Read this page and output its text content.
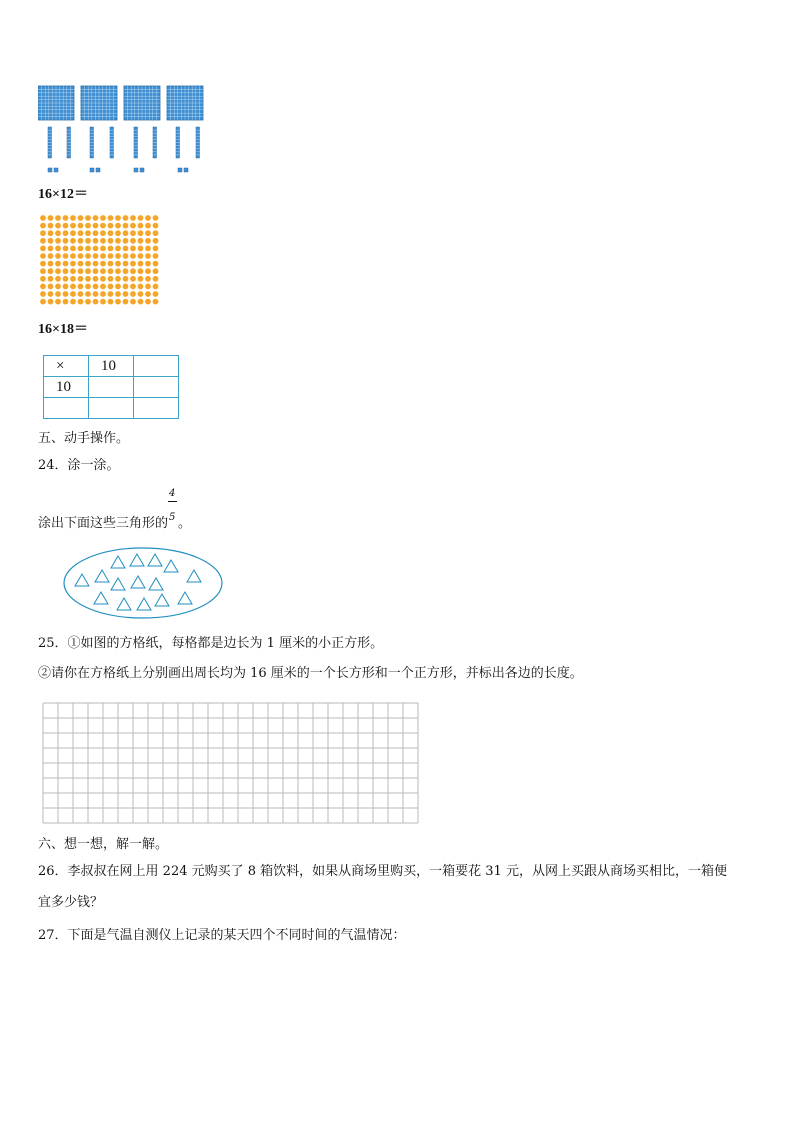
16×12＝
16×18＝
×	10	
10		

五、动手操作。
24．涂一涂。
涂出下面这些三角形的 $\frac{4}{5}$ 。
25．①如图的方格纸，每格都是边长为 1 厘米的小正方形。
②请你在方格纸上分别画出周长均为 16 厘米的一个长方形和一个正方形，并标出各边的长度。
六、想一想，解一解。
26．李叔叔在网上用 224 元购买了 8 箱饮料，如果从商场里购买，一箱要花 31 元，从网上买跟从商场买相比，一箱便
宜多少钱？
27．下面是气温自测仪上记录的某天四个不同时间的气温情况：
